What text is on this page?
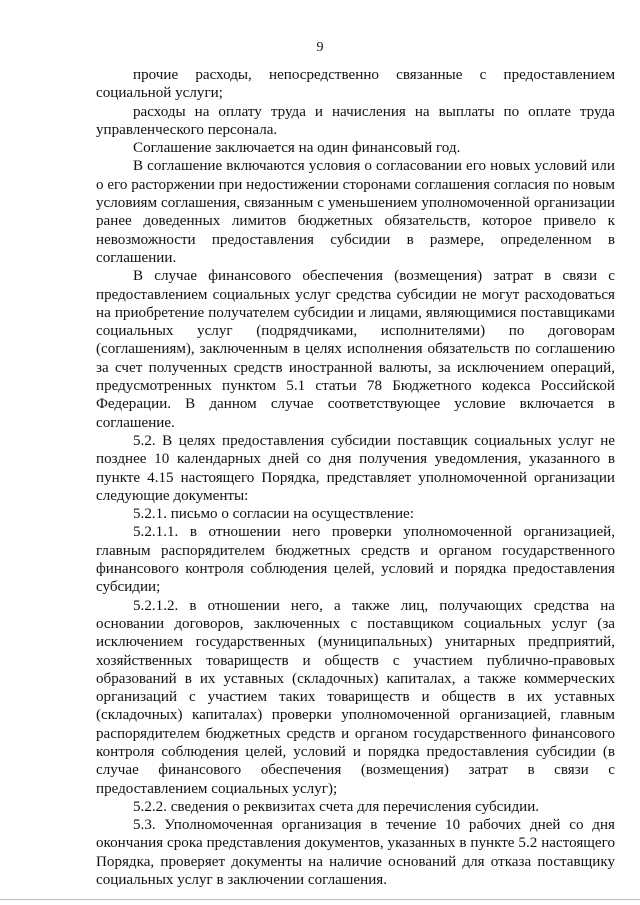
9

прочие расходы, непосредственно связанные с предоставлением социальной услуги;

расходы на оплату труда и начисления на выплаты по оплате труда управленческого персонала.

Соглашение заключается на один финансовый год.

В соглашение включаются условия о согласовании его новых условий или о его расторжении при недостижении сторонами соглашения согласия по новым условиям соглашения, связанным с уменьшением уполномоченной организации ранее доведенных лимитов бюджетных обязательств, которое привело к невозможности предоставления субсидии в размере, определенном в соглашении.

В случае финансового обеспечения (возмещения) затрат в связи с предоставлением социальных услуг средства субсидии не могут расходоваться на приобретение получателем субсидии и лицами, являющимися поставщиками социальных услуг (подрядчиками, исполнителями) по договорам (соглашениям), заключенным в целях исполнения обязательств по соглашению за счет полученных средств иностранной валюты, за исключением операций, предусмотренных пунктом 5.1 статьи 78 Бюджетного кодекса Российской Федерации. В данном случае соответствующее условие включается в соглашение.

5.2. В целях предоставления субсидии поставщик социальных услуг не позднее 10 календарных дней со дня получения уведомления, указанного в пункте 4.15 настоящего Порядка, представляет уполномоченной организации следующие документы:

5.2.1. письмо о согласии на осуществление:

5.2.1.1. в отношении него проверки уполномоченной организацией, главным распорядителем бюджетных средств и органом государственного финансового контроля соблюдения целей, условий и порядка предоставления субсидии;

5.2.1.2. в отношении него, а также лиц, получающих средства на основании договоров, заключенных с поставщиком социальных услуг (за исключением государственных (муниципальных) унитарных предприятий, хозяйственных товариществ и обществ с участием публично-правовых образований в их уставных (складочных) капиталах, а также коммерческих организаций с участием таких товариществ и обществ в их уставных (складочных) капиталах) проверки уполномоченной организацией, главным распорядителем бюджетных средств и органом государственного финансового контроля соблюдения целей, условий и порядка предоставления субсидии (в случае финансового обеспечения (возмещения) затрат в связи с предоставлением социальных услуг);

5.2.2. сведения о реквизитах счета для перечисления субсидии.

5.3. Уполномоченная организация в течение 10 рабочих дней со дня окончания срока представления документов, указанных в пункте 5.2 настоящего Порядка, проверяет документы на наличие оснований для отказа поставщику социальных услуг в заключении соглашения.
